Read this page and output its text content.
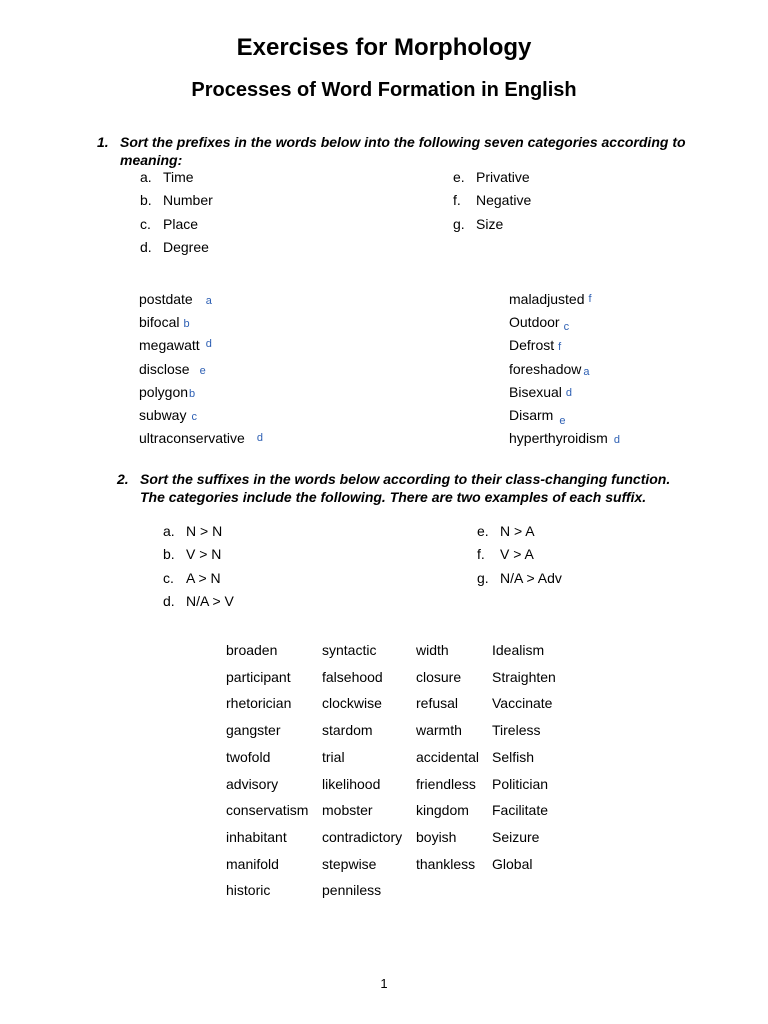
Exercises for Morphology
Processes of Word Formation in English
1. Sort the prefixes in the words below into the following seven categories according to meaning:
a. Time
b. Number
c. Place
d. Degree
e. Privative
f. Negative
g. Size
postdate a
bifocal b
megawatt $^d$
disclose e
polygonb
subway c
ultraconservative d
maladjusted f
Outdoor $_c$
Defrost f
foreshadow a
Bisexual d
Disarm $_e$
hyperthyroidism d
2. Sort the suffixes in the words below according to their class-changing function. The categories include the following. There are two examples of each suffix.
a. N > N
b. V > N
c. A > N
d. N/A > V
e. N > A
f. V > A
g. N/A > Adv
broaden	syntactic	width	Idealism
participant falsehood closure Straighten
rhetorician clockwise refusal Vaccinate
gangster	stardom	warmth Tireless
twofold	trial	accidental Selfish
advisory	likelihood	friendless Politician
conservatism mobster	kingdom Facilitate
inhabitant	contradictory boyish	Seizure
manifold	stepwise	thankless Global
historic	penniless
1
